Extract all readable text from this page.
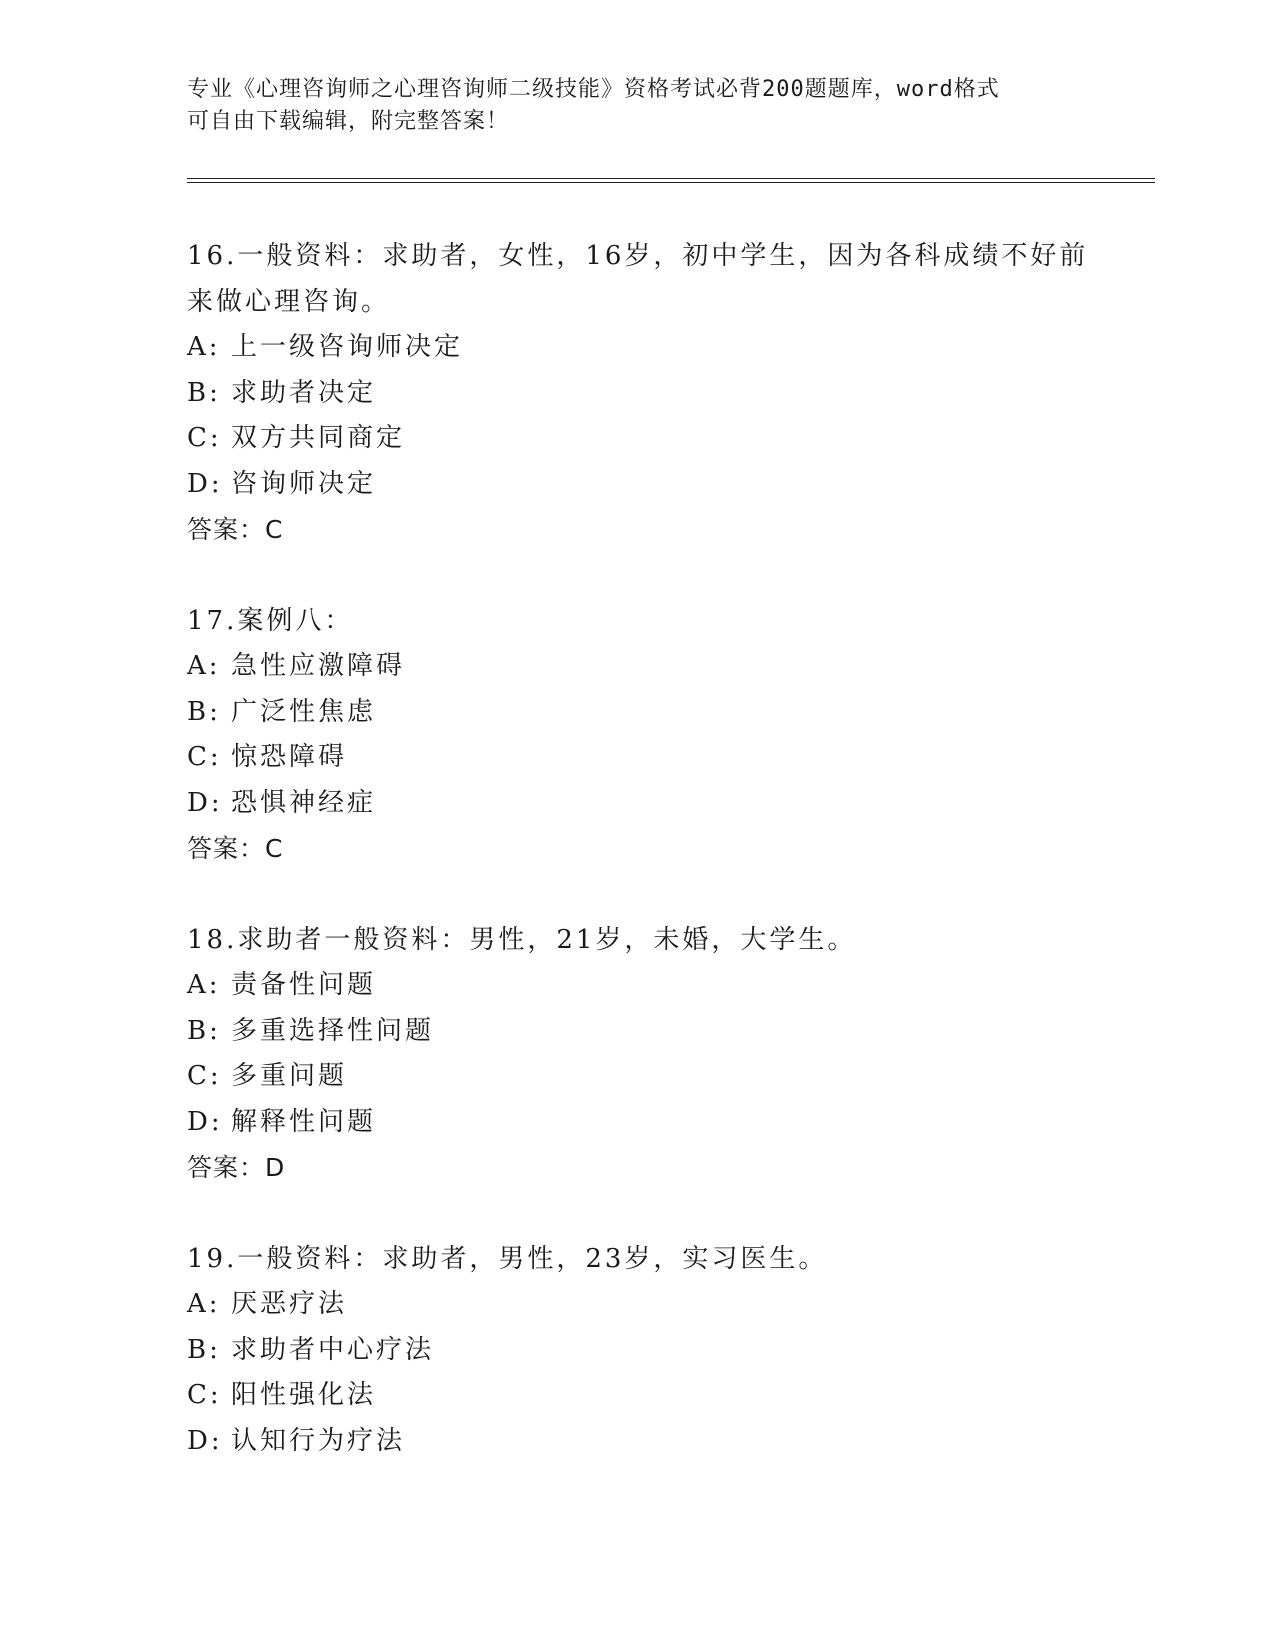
专业《心理咨询师之心理咨询师二级技能》资格考试必背200题题库，word格式
可自由下载编辑，附完整答案！
16.一般资料：求助者，女性，16岁，初中学生，因为各科成绩不好前
来做心理咨询。
A: 上一级咨询师决定
B: 求助者决定
C: 双方共同商定
D: 咨询师决定
答案：C
17.案例八：
A: 急性应激障碍
B: 广泛性焦虑
C: 惊恐障碍
D: 恐惧神经症
答案：C
18.求助者一般资料：男性，21岁，未婚，大学生。
A: 责备性问题
B: 多重选择性问题
C: 多重问题
D: 解释性问题
答案：D
19.一般资料：求助者，男性，23岁，实习医生。
A: 厌恶疗法
B: 求助者中心疗法
C: 阳性强化法
D: 认知行为疗法
